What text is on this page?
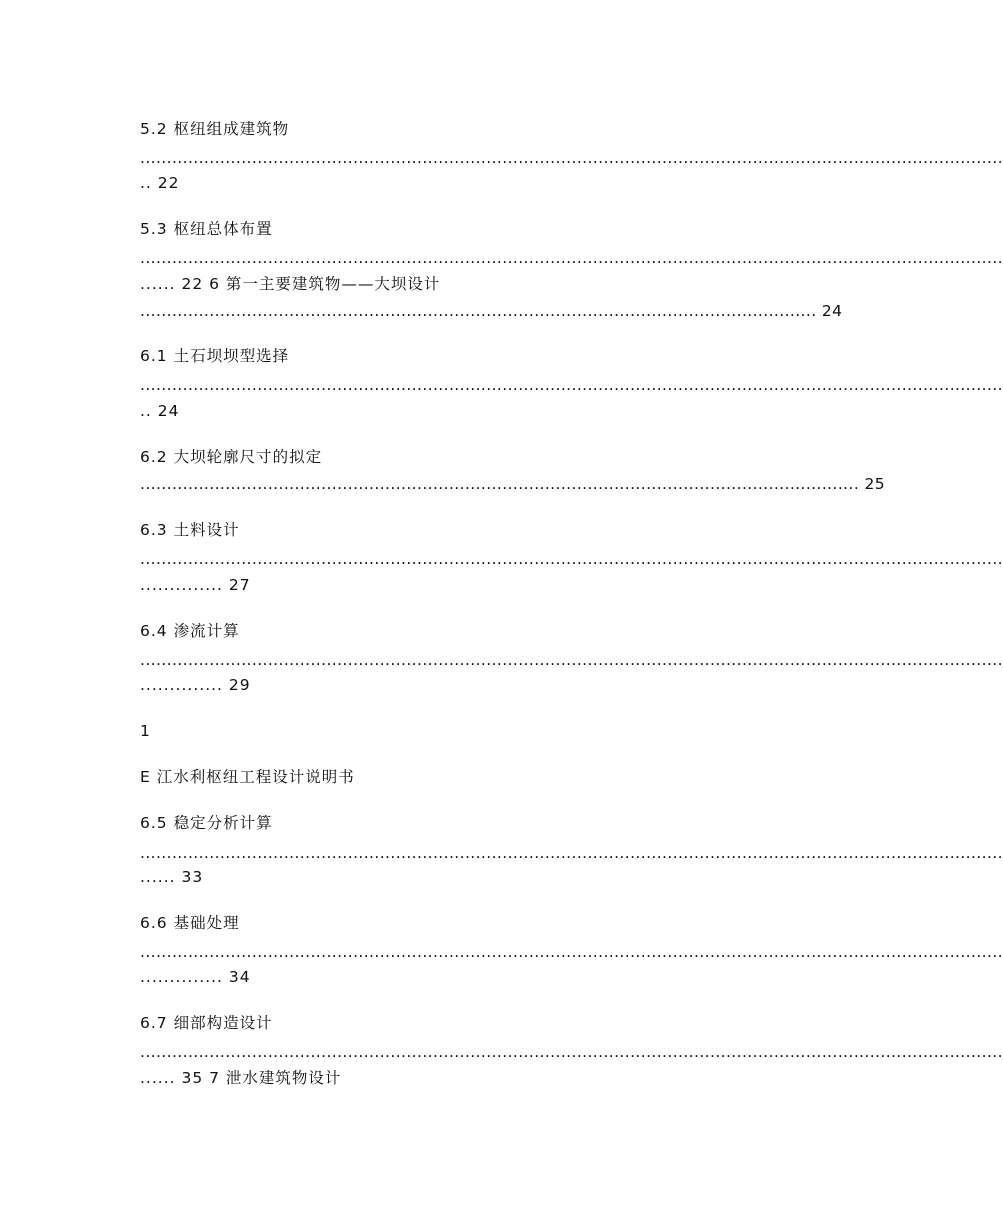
5.2 枢纽组成建筑物
..................................................................................................................................................................
.. 22
5.3 枢纽总体布置
..................................................................................................................................................................
...... 22 6 第一主要建筑物——大坝设计
............................................................................................................................... 24
6.1 土石坝坝型选择
..................................................................................................................................................................
.. 24
6.2 大坝轮廓尺寸的拟定
....................................................................................................................................... 25
6.3 土料设计
..................................................................................................................................................................
.............. 27
6.4 渗流计算
..................................................................................................................................................................
.............. 29
1
E 江水利枢纽工程设计说明书
6.5 稳定分析计算
..................................................................................................................................................................
...... 33
6.6 基础处理
..................................................................................................................................................................
.............. 34
6.7 细部构造设计
..................................................................................................................................................................
...... 35 7 泄水建筑物设计
